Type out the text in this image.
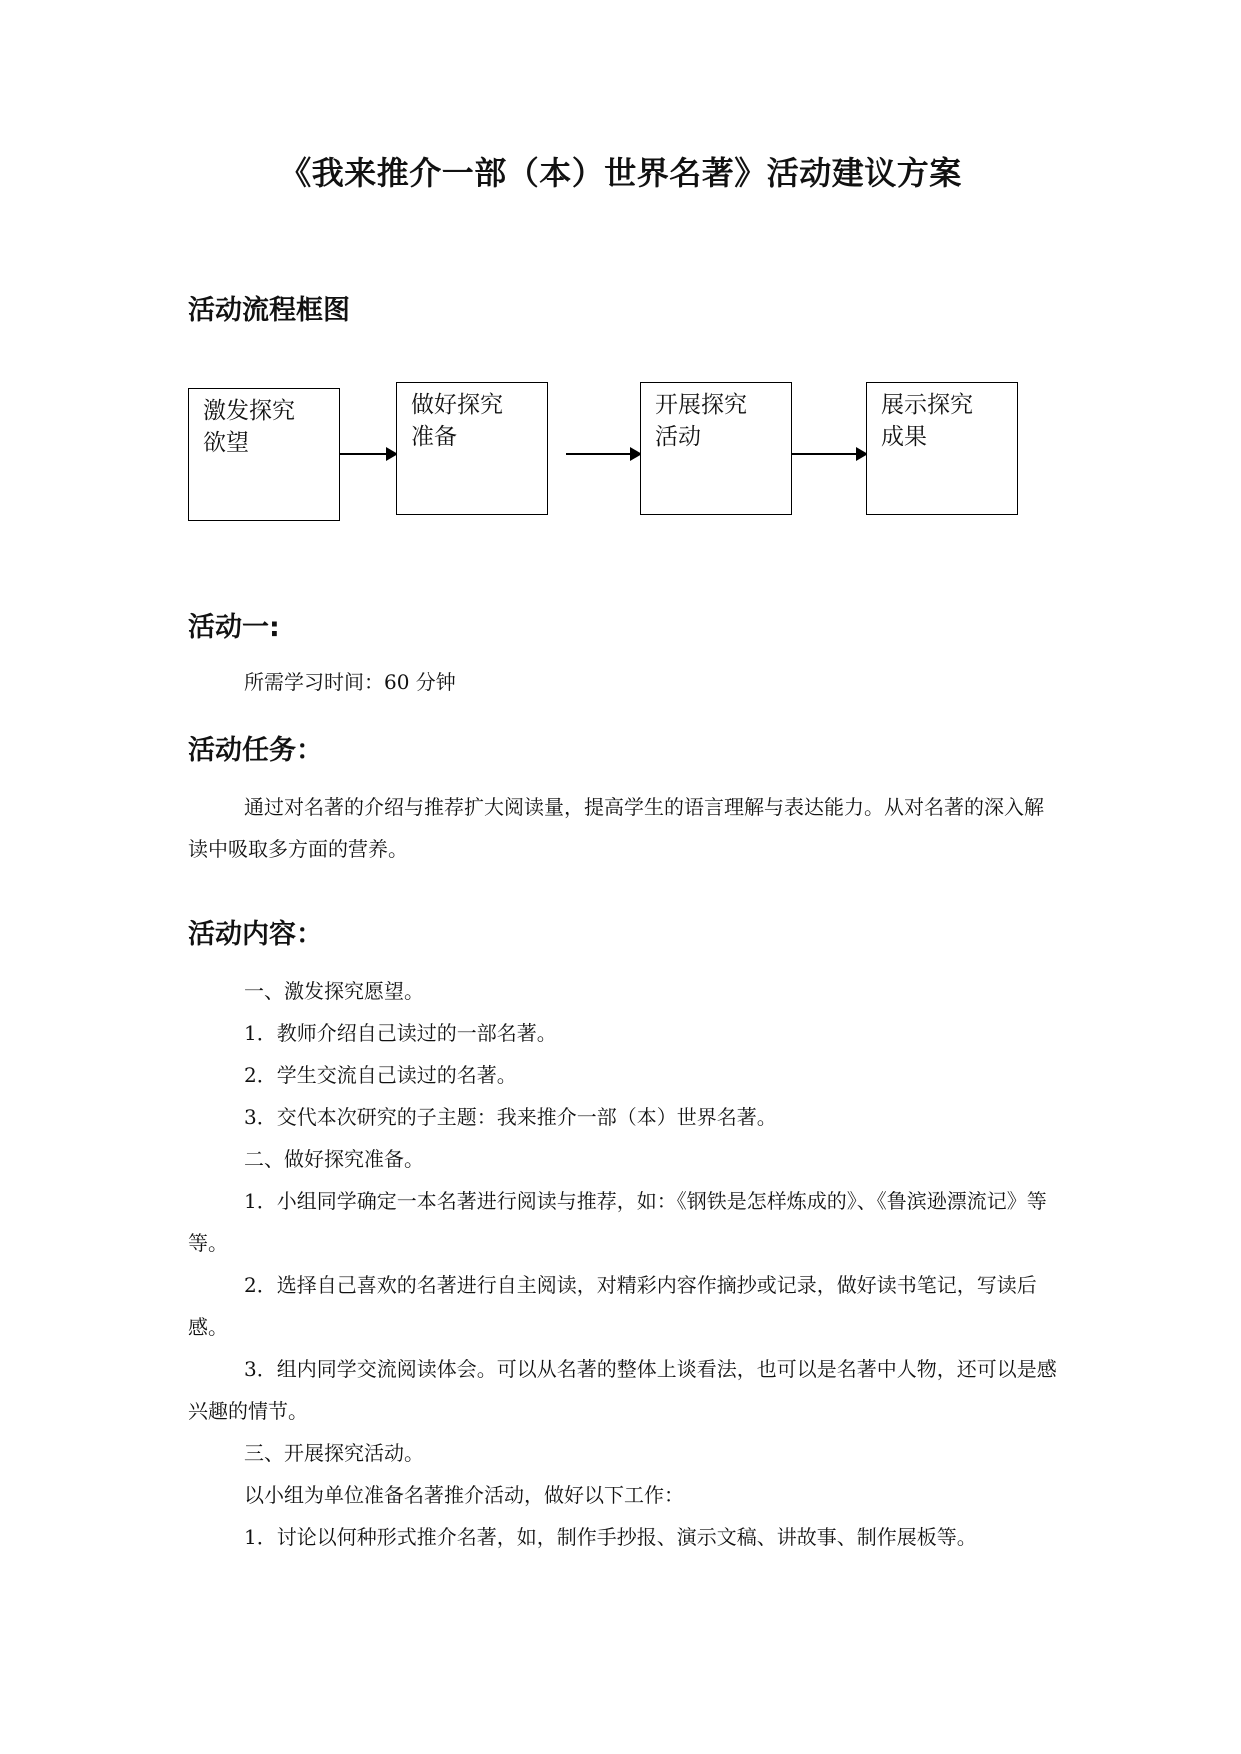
《我来推介一部（本）世界名著》活动建议方案
活动流程框图
激发探究
欲望
做好探究
准备
开展探究
活动
展示探究
成果
活动一:
所需学习时间：60 分钟
活动任务：
通过对名著的介绍与推荐扩大阅读量，提高学生的语言理解与表达能力。从对名著的深入解读中吸取多方面的营养。
活动内容：
一、激发探究愿望。
1．教师介绍自己读过的一部名著。
2．学生交流自己读过的名著。
3．交代本次研究的子主题：我来推介一部（本）世界名著。
二、做好探究准备。
1．小组同学确定一本名著进行阅读与推荐，如：《钢铁是怎样炼成的》、《鲁滨逊漂流记》等等。
2．选择自己喜欢的名著进行自主阅读，对精彩内容作摘抄或记录，做好读书笔记，写读后感。
3．组内同学交流阅读体会。可以从名著的整体上谈看法，也可以是名著中人物，还可以是感兴趣的情节。
三、开展探究活动。
以小组为单位准备名著推介活动，做好以下工作：
1．讨论以何种形式推介名著，如，制作手抄报、演示文稿、讲故事、制作展板等。
